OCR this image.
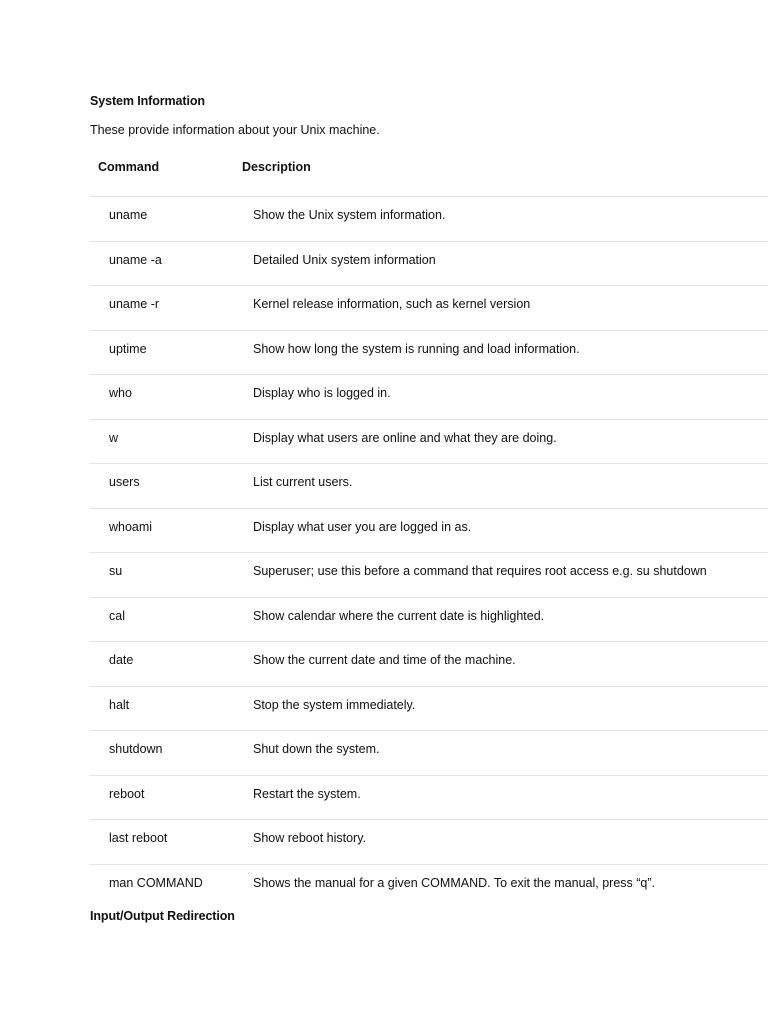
System Information
These provide information about your Unix machine.
Command	Description
uname	Show the Unix system information.
uname -a	Detailed Unix system information
uname -r	Kernel release information, such as kernel version
uptime	Show how long the system is running and load information.
who	Display who is logged in.
w	Display what users are online and what they are doing.
users	List current users.
whoami	Display what user you are logged in as.
su	Superuser; use this before a command that requires root access e.g. su shutdown
cal	Show calendar where the current date is highlighted.
date	Show the current date and time of the machine.
halt	Stop the system immediately.
shutdown	Shut down the system.
reboot	Restart the system.
last reboot	Show reboot history.
man COMMAND	Shows the manual for a given COMMAND. To exit the manual, press “q”.
Input/Output Redirection
